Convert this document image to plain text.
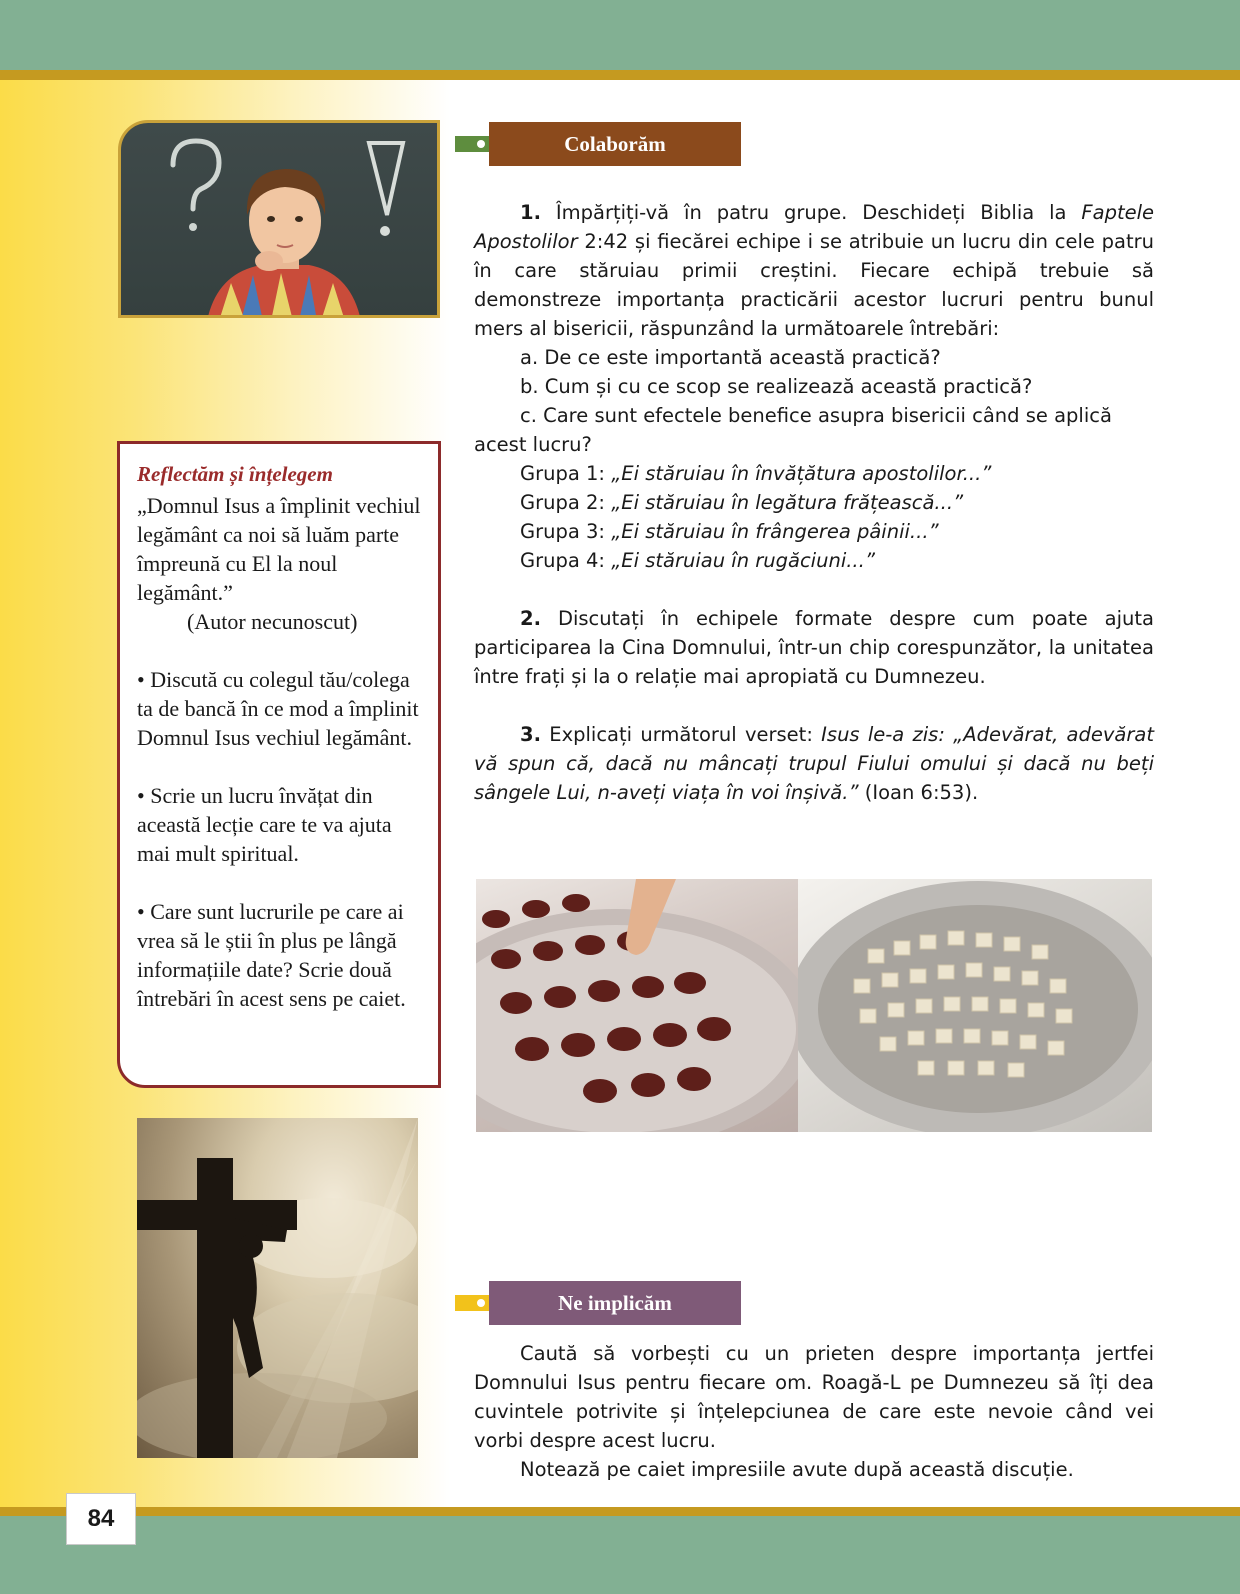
84
Reflectăm și înțelegem
„Domnul Isus a împlinit vechiul legământ ca noi să luăm parte împreună cu El la noul legământ.”
(Autor necunoscut)
• Discută cu colegul tău/colega ta de bancă în ce mod a împlinit Domnul Isus vechiul legământ.
• Scrie un lucru învățat din această lecție care te va ajuta mai mult spiritual.
• Care sunt lucrurile pe care ai vrea să le știi în plus pe lângă informațiile date? Scrie două întrebări în acest sens pe caiet.
Colaborăm
1. Împărțiți-vă în patru grupe. Deschideți Biblia la Faptele Apostolilor 2:42 și fiecărei echipe i se atribuie un lucru din cele patru în care stăruiau primii creștini. Fiecare echipă trebuie să demonstreze importanța practicării acestor lucruri pentru bunul mers al bisericii, răspunzând la următoarele întrebări:
a. De ce este importantă această practică?
b. Cum și cu ce scop se realizează această practică?
c. Care sunt efectele benefice asupra bisericii când se aplică acest lucru?
Grupa 1: „Ei stăruiau în învățătura apostolilor...”
Grupa 2: „Ei stăruiau în legătura frățească...”
Grupa 3: „Ei stăruiau în frângerea pâinii...”
Grupa 4: „Ei stăruiau în rugăciuni...”
2. Discutați în echipele formate despre cum poate ajuta participarea la Cina Domnului, într-un chip corespunzător, la unitatea între frați și la o relație mai apropiată cu Dumnezeu.
3. Explicați următorul verset: Isus le-a zis: „Adevărat, adevărat vă spun că, dacă nu mâncați trupul Fiului omului și dacă nu beți sângele Lui, n-aveți viața în voi înșivă.” (Ioan 6:53).
Ne implicăm
Caută să vorbești cu un prieten despre importanța jertfei Domnului Isus pentru fiecare om. Roagă-L pe Dumnezeu să îți dea cuvintele potrivite și înțelepciunea de care este nevoie când vei vorbi despre acest lucru.
Notează pe caiet impresiile avute după această discuție.
